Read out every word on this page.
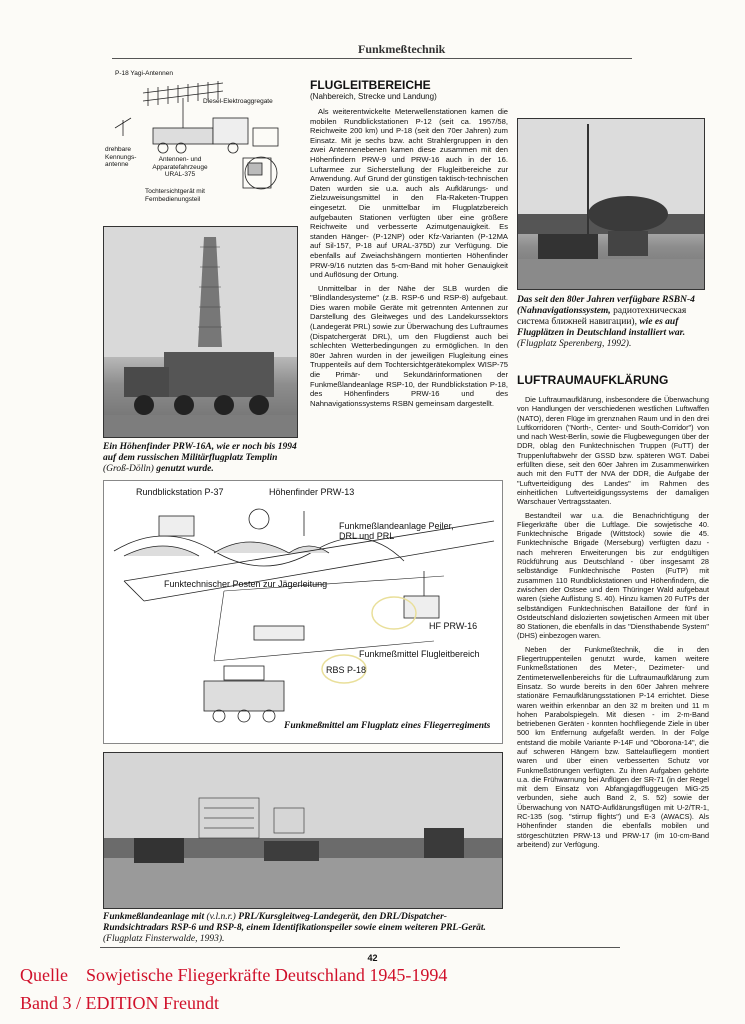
Funkmeßtechnik
P-18 Yagi-Antennen
Diesel-Elektroaggregate
drehbare Kennungs-antenne
Antennen- und Apparatefahrzeuge URAL-375
Tochtersichtgerät mit Fernbedienungsteil
Ein Höhenfinder PRW-16A, wie er noch bis 1994 auf dem russischen Militärflugplatz Templin (Groß-Dölln) genutzt wurde.
FLUGLEITBEREICHE
(Nahbereich, Strecke und Landung)

Als weiterentwickelte Meterwellenstationen kamen die mobilen Rundblickstationen P-12 (seit ca. 1957/58, Reichweite 200 km) und P-18 (seit den 70er Jahren) zum Einsatz. Mit je sechs bzw. acht Strahlergruppen in den zwei Antennenebenen kamen diese zusammen mit den Höhenfindern PRW-9 und PRW-16 auch in der 16. Luftarmee zur Sicherstellung der Flugleitbereiche zur Anwendung. Auf Grund der günstigen taktisch-technischen Daten wurden sie u.a. auch als Aufklärungs- und Zielzuweisungsmittel in den Fla-Raketen-Truppen eingesetzt. Die unmittelbar im Flugplatzbereich aufgebauten Stationen verfügten über eine größere Reichweite und verbesserte Azimutgenauigkeit. Es standen Hänger- (P-12NP) oder Kfz-Varianten (P-12MA auf Sil-157, P-18 auf URAL-375D) zur Verfügung. Die ebenfalls auf Zweiachshängern montierten Höhenfinder PRW-9/16 nutzten das 5-cm-Band mit hoher Genauigkeit und Auflösung der Ortung.

Unmittelbar in der Nähe der SLB wurden die "Blindlandesysteme" (z.B. RSP-6 und RSP-8) aufgebaut. Dies waren mobile Geräte mit getrennten Antennen zur Darstellung des Gleitweges und des Landekurssektors (Landegerät PRL) sowie zur Überwachung des Luftraumes (Dispatchergerät DRL), um den Flugdienst auch bei schlechten Wetterbedingungen zu ermöglichen. In den 80er Jahren wurden in der jeweiligen Flugleitung eines Truppenteils auf dem Tochtersichtgerätekomplex WISP-75 die Primär- und Sekundärinformationen der Funkmeßlandeanlage RSP-10, der Rundblickstation P-18, des Höhenfinders PRW-16 und des Nahnavigationssystems RSBN gemeinsam dargestellt.

Das seit den 80er Jahren verfügbare RSBN-4 (Nahnavigationssystem, радиотехническая система ближней навигации), wie es auf Flugplätzen in Deutschland installiert war. (Flugplatz Sperenberg, 1992).
LUFTRAUMAUFKLÄRUNG

Die Luftraumaufklärung, insbesondere die Überwachung von Handlungen der verschiedenen westlichen Luftwaffen (NATO), deren Flüge im grenznahen Raum und in den drei Luftkorridoren ("North-, Center- und South-Corridor") von und nach West-Berlin, sowie die Flugbewegungen über der DDR, oblag den Funktechnischen Truppen (FuTT) der Truppenluftabwehr der GSSD bzw. späteren WGT. Dabei erfüllten diese, seit den 60er Jahren im Zusammenwirken auch mit den FuTT der NVA der DDR, die Aufgabe der "Luftverteidigung des Landes" im Rahmen des einheitlichen Luftverteidigungssystems der damaligen Warschauer Vertragsstaaten.

Bestandteil war u.a. die Benachrichtigung der Fliegerkräfte über die Luftlage. Die sowjetische 40. Funktechnische Brigade (Wittstock) sowie die 45. Funktechnische Brigade (Merseburg) verfügten dazu - nach mehreren Erweiterungen bis zur endgültigen Rückführung aus Deutschland - über insgesamt 28 selbständige Funktechnische Posten (FuTP) mit zusammen 110 Rundblickstationen und Höhenfindern, die zwischen der Ostsee und dem Thüringer Wald aufgebaut waren (siehe Auflistung S. 40). Hinzu kamen 20 FuTPs der selbständigen Funktechnischen Bataillone der fünf in Ostdeutschland dislozierten sowjetischen Armeen mit über 80 Stationen, die ebenfalls in das "Diensthabende System" (DHS) einbezogen waren.

Neben der Funkmeßtechnik, die in den Fliegertruppenteilen genutzt wurde, kamen weitere Funkmeßstationen des Meter-, Dezimeter- und Zentimeterwellenbereichs für die Luftraumaufklärung zum Einsatz. So wurde bereits in den 60er Jahren mehrere stationäre Fernaufklärungsstationen P-14 errichtet. Diese waren weithin erkennbar an den 32 m breiten und 11 m hohen Parabolspiegeln. Mit diesen - im 2-m-Band betriebenen Geräten - konnten hochfliegende Ziele in über 500 km Entfernung aufgefaßt werden. In der Folge entstand die mobile Variante P-14F und "Oborona-14", die auf schweren Hängern bzw. Sattelaufliegern montiert waren und über einen verbesserten Schutz vor Funkmeßstörungen verfügten. Zu ihren Aufgaben gehörte u.a. die Frühwarnung bei Anflügen der SR-71 (in der Regel mit dem Einsatz von Abfangjagdfluggeugen MiG-25 verbunden, siehe auch Band 2, S. 52) sowie der Überwachung von NATO-Aufklärungsflügen mit U-2/TR-1, RC-135 (sog. "stirrup flights") und E-3 (AWACS). Als Höhenfinder standen die ebenfalls mobilen und störgeschützten PRW-13 und PRW-17 (im 10-cm-Band arbeitend) zur Verfügung.

Rundblickstation P-37	Höhenfinder PRW-13
Funkmeßlandeanlage Peiler, DRL und PRL
Funktechnischer Posten zur Jägerleitung
HF PRW-16
Funkmeßmittel Flugleitbereich
RBS P-18
Funkmeßmittel am Flugplatz eines Fliegerregiments
Funkmeßlandeanlage mit (v.l.n.r.) PRL/Kursgleitweg-Landegerät, den DRL/Dispatcher-Rundsichtradars RSP-6 und RSP-8, einem Identifikationspeiler sowie einem weiteren PRL-Gerät. (Flugplatz Finsterwalde, 1993).
42
Quelle Sowjetische Fliegerkräfte Deutschland 1945-1994
Band 3 / EDITION Freundt
